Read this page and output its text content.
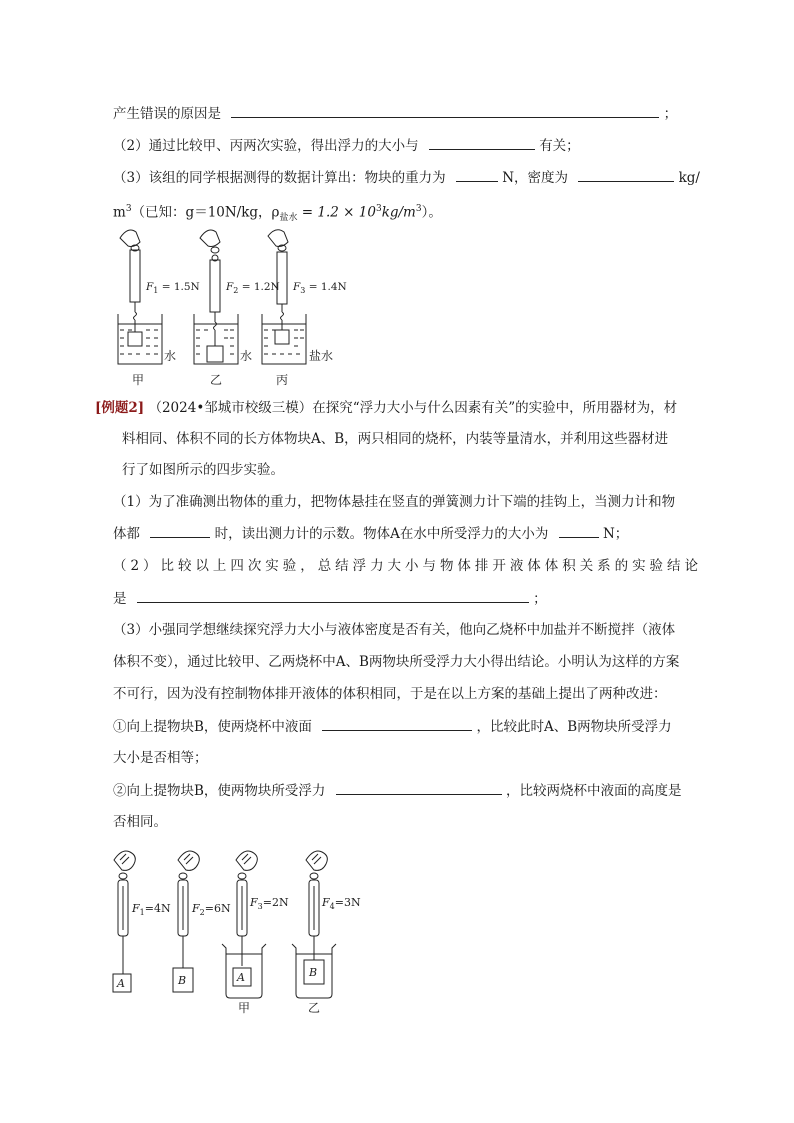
产生错误的原因是	；
（2）通过比较甲、丙两次实验，得出浮力的大小与	有关；
（3）该组的同学根据测得的数据计算出：物块的重力为	N，密度为	kg/
$m^3$（已知：g＝10N/kg，$\rho_{盐水} = 1.2 \times 10^3kg/m^3$）。
$F_1 = 1.5N$	$F_2 = 1.2N$ $F_3 = 1.4N$
水	水	盐水
甲	乙	丙
[例题2] （2024•邹城市校级三模）在探究“浮力大小与什么因素有关”的实验中，所用器材为，材
料相同、体积不同的长方体物块A、B，两只相同的烧杯，内装等量清水，并利用这些器材进
行了如图所示的四步实验。
（1）为了准确测出物体的重力，把物体悬挂在竖直的弹簧测力计下端的挂钩上，当测力计和物
体都	时，读出测力计的示数。物体A在水中所受浮力的大小为	N；
（2）比较以上四次实验，总结浮力大小与物体排开液体体积关系的实验结论
是	；
（3）小强同学想继续探究浮力大小与液体密度是否有关，他向乙烧杯中加盐并不断搅拌（液体
体积不变），通过比较甲、乙两烧杯中A、B两物块所受浮力大小得出结论。小明认为这样的方案
不可行，因为没有控制物体排开液体的体积相同，于是在以上方案的基础上提出了两种改进：
①向上提物块B，使两烧杯中液面	，比较此时A、B两物块所受浮力
大小是否相等；
②向上提物块B，使两物块所受浮力	，比较两烧杯中液面的高度是
否相同。
$F_1=4N$ $F_2=6N$ $F_3=2N$	$F_4=3N$
A	B	A	B
甲	乙
